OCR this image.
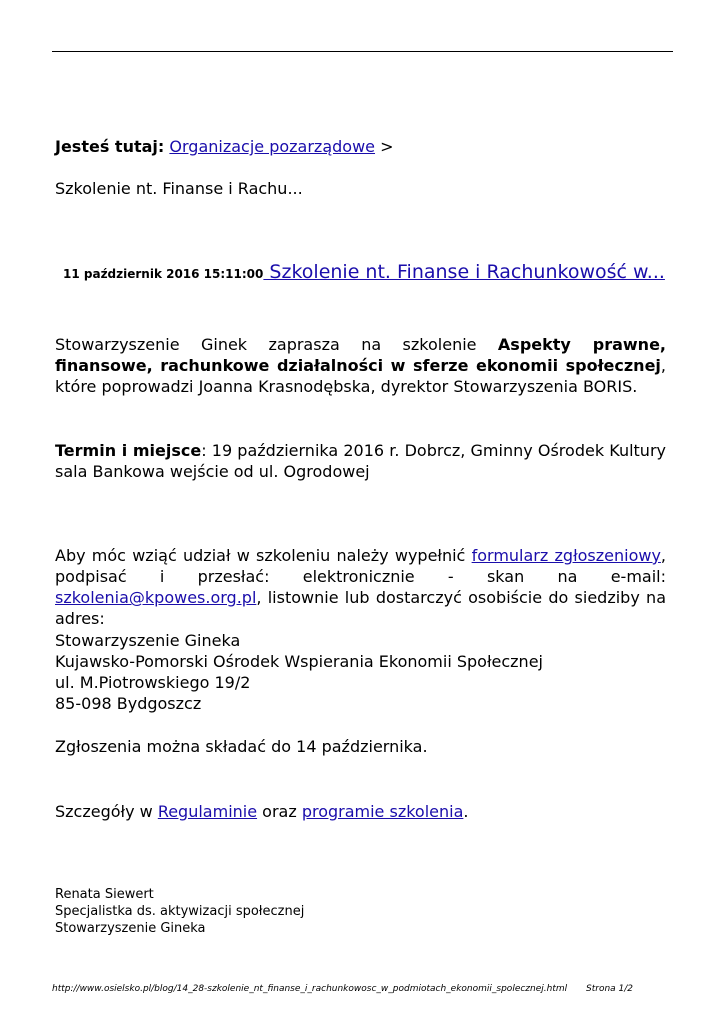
Jesteś tutaj: Organizacje pozarządowe >
Szkolenie nt. Finanse i Rachu...
11 październik 2016 15:11:00 Szkolenie nt. Finanse i Rachunkowość w...
Stowarzyszenie Ginek zaprasza na szkolenie Aspekty prawne, finansowe, rachunkowe działalności w sferze ekonomii społecznej, które poprowadzi Joanna Krasnodębska, dyrektor Stowarzyszenia BORIS.
Termin i miejsce: 19 października 2016 r. Dobrcz, Gminny Ośrodek Kultury sala Bankowa wejście od ul. Ogrodowej
Aby móc wziąć udział w szkoleniu należy wypełnić formularz zgłoszeniowy, podpisać i przesłać: elektronicznie - skan na e-mail: szkolenia@kpowes.org.pl, listownie lub dostarczyć osobiście do siedziby na adres:
Stowarzyszenie Gineka
Kujawsko-Pomorski Ośrodek Wspierania Ekonomii Społecznej
ul. M.Piotrowskiego 19/2
85-098 Bydgoszcz
Zgłoszenia można składać do 14 października.
Szczegóły w Regulaminie oraz programie szkolenia.
Renata Siewert
Specjalistka ds. aktywizacji społecznej
Stowarzyszenie Gineka
http://www.osielsko.pl/blog/14_28-szkolenie_nt_finanse_i_rachunkowosc_w_podmiotach_ekonomii_spolecznej.html Strona 1/2
